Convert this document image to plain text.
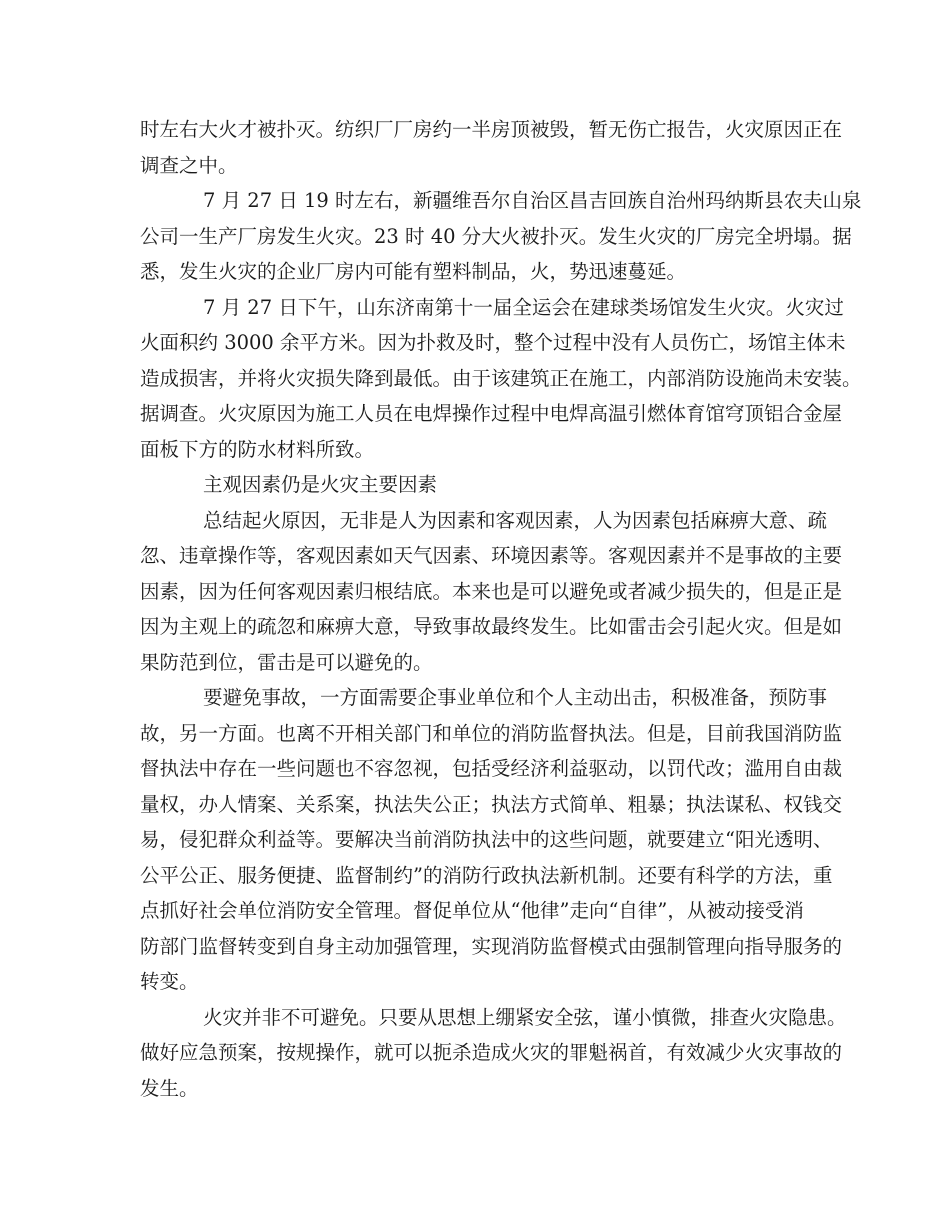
时左右大火才被扑灭。纺织厂厂房约一半房顶被毁，暂无伤亡报告，火灾原因正在
调查之中。
7 月 27 日 19 时左右，新疆维吾尔自治区昌吉回族自治州玛纳斯县农夫山泉
公司一生产厂房发生火灾。23 时 40 分大火被扑灭。发生火灾的厂房完全坍塌。据
悉，发生火灾的企业厂房内可能有塑料制品，火，势迅速蔓延。
7 月 27 日下午，山东济南第十一届全运会在建球类场馆发生火灾。火灾过
火面积约 3000 余平方米。因为扑救及时，整个过程中没有人员伤亡，场馆主体未
造成损害，并将火灾损失降到最低。由于该建筑正在施工，内部消防设施尚未安装。
据调查。火灾原因为施工人员在电焊操作过程中电焊高温引燃体育馆穹顶铝合金屋
面板下方的防水材料所致。
主观因素仍是火灾主要因素
总结起火原因，无非是人为因素和客观因素，人为因素包括麻痹大意、疏
忽、违章操作等，客观因素如天气因素、环境因素等。客观因素并不是事故的主要
因素，因为任何客观因素归根结底。本来也是可以避免或者减少损失的，但是正是
因为主观上的疏忽和麻痹大意，导致事故最终发生。比如雷击会引起火灾。但是如
果防范到位，雷击是可以避免的。
要避免事故，一方面需要企事业单位和个人主动出击，积极准备，预防事
故，另一方面。也离不开相关部门和单位的消防监督执法。但是，目前我国消防监
督执法中存在一些问题也不容忽视，包括受经济利益驱动，以罚代改；滥用自由裁
量权，办人情案、关系案，执法失公正；执法方式简单、粗暴；执法谋私、权钱交
易，侵犯群众利益等。要解决当前消防执法中的这些问题，就要建立“阳光透明、
公平公正、服务便捷、监督制约”的消防行政执法新机制。还要有科学的方法，重
点抓好社会单位消防安全管理。督促单位从“他律”走向“自律”，从被动接受消
防部门监督转变到自身主动加强管理，实现消防监督模式由强制管理向指导服务的
转变。
火灾并非不可避免。只要从思想上绷紧安全弦，谨小慎微，排查火灾隐患。
做好应急预案，按规操作，就可以扼杀造成火灾的罪魁祸首，有效减少火灾事故的
发生。
